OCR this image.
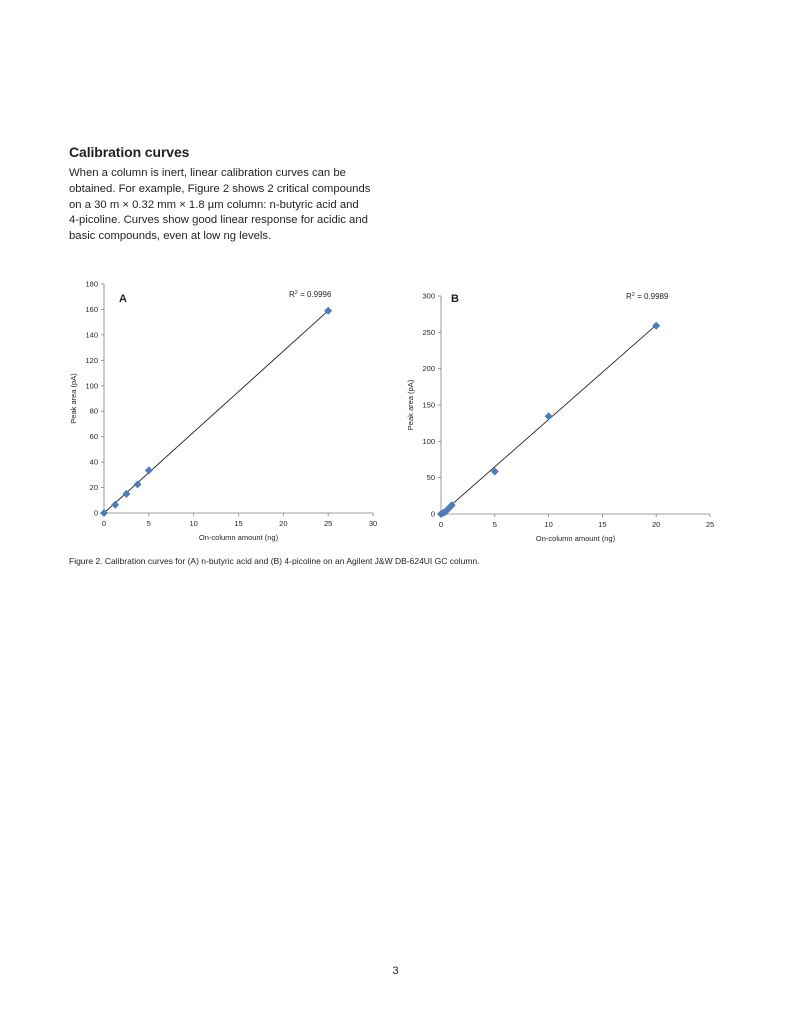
Calibration curves
When a column is inert, linear calibration curves can be
obtained. For example, Figure 2 shows 2 critical compounds
on a 30 m × 0.32 mm × 1.8 µm column: n-butyric acid and
4-picoline. Curves show good linear response for acidic and
basic compounds, even at low ng levels.
0
20
40
60
80
100
120
140
160
180
0	5	10	15	20	25	30
On-column amount (ng)
Peak area (pA)
A	$R^2 = 0.9996$
0
50
100
150
200
250
300
0	5	10	15	20	25
On-column amount (ng)
Peak area (pA)
B	$R^2 = 0.9989$
Figure 2. Calibration curves for (A) n-butyric acid and (B) 4-picoline on an Agilent J&W DB-624UI GC column.
3
